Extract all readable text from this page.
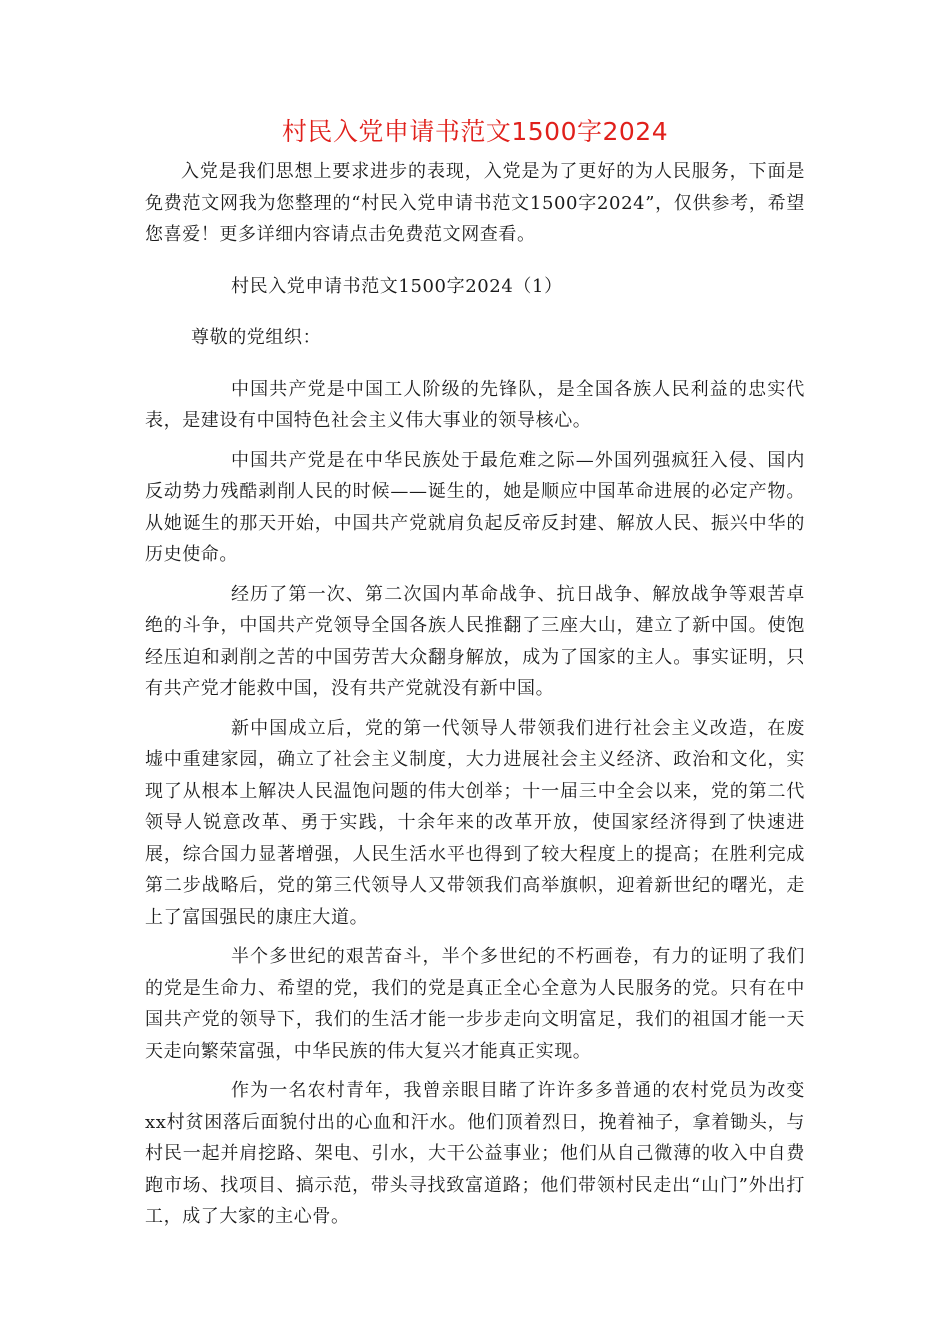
村民入党申请书范文1500字2024

入党是我们思想上要求进步的表现，入党是为了更好的为人民服务，下面是免费范文网我为您整理的“村民入党申请书范文1500字2024”，仅供参考，希望您喜爱！更多详细内容请点击免费范文网查看。

村民入党申请书范文1500字2024（1）
尊敬的党组织：

中国共产党是中国工人阶级的先锋队，是全国各族人民利益的忠实代表，是建设有中国特色社会主义伟大事业的领导核心。

中国共产党是在中华民族处于最危难之际—外国列强疯狂入侵、国内反动势力残酷剥削人民的时候——诞生的，她是顺应中国革命进展的必定产物。从她诞生的那天开始，中国共产党就肩负起反帝反封建、解放人民、振兴中华的历史使命。

经历了第一次、第二次国内革命战争、抗日战争、解放战争等艰苦卓绝的斗争，中国共产党领导全国各族人民推翻了三座大山，建立了新中国。使饱经压迫和剥削之苦的中国劳苦大众翻身解放，成为了国家的主人。事实证明，只有共产党才能救中国，没有共产党就没有新中国。

新中国成立后，党的第一代领导人带领我们进行社会主义改造，在废墟中重建家园，确立了社会主义制度，大力进展社会主义经济、政治和文化，实现了从根本上解决人民温饱问题的伟大创举；十一届三中全会以来，党的第二代领导人锐意改革、勇于实践，十余年来的改革开放，使国家经济得到了快速进展，综合国力显著增强，人民生活水平也得到了较大程度上的提高；在胜利完成第二步战略后，党的第三代领导人又带领我们高举旗帜，迎着新世纪的曙光，走上了富国强民的康庄大道。

半个多世纪的艰苦奋斗，半个多世纪的不朽画卷，有力的证明了我们的党是生命力、希望的党，我们的党是真正全心全意为人民服务的党。只有在中国共产党的领导下，我们的生活才能一步步走向文明富足，我们的祖国才能一天天走向繁荣富强，中华民族的伟大复兴才能真正实现。

作为一名农村青年，我曾亲眼目睹了许许多多普通的农村党员为改变xx村贫困落后面貌付出的心血和汗水。他们顶着烈日，挽着袖子，拿着锄头，与村民一起并肩挖路、架电、引水，大干公益事业；他们从自己微薄的收入中自费跑市场、找项目、搞示范，带头寻找致富道路；他们带领村民走出“山门”外出打工，成了大家的主心骨。
